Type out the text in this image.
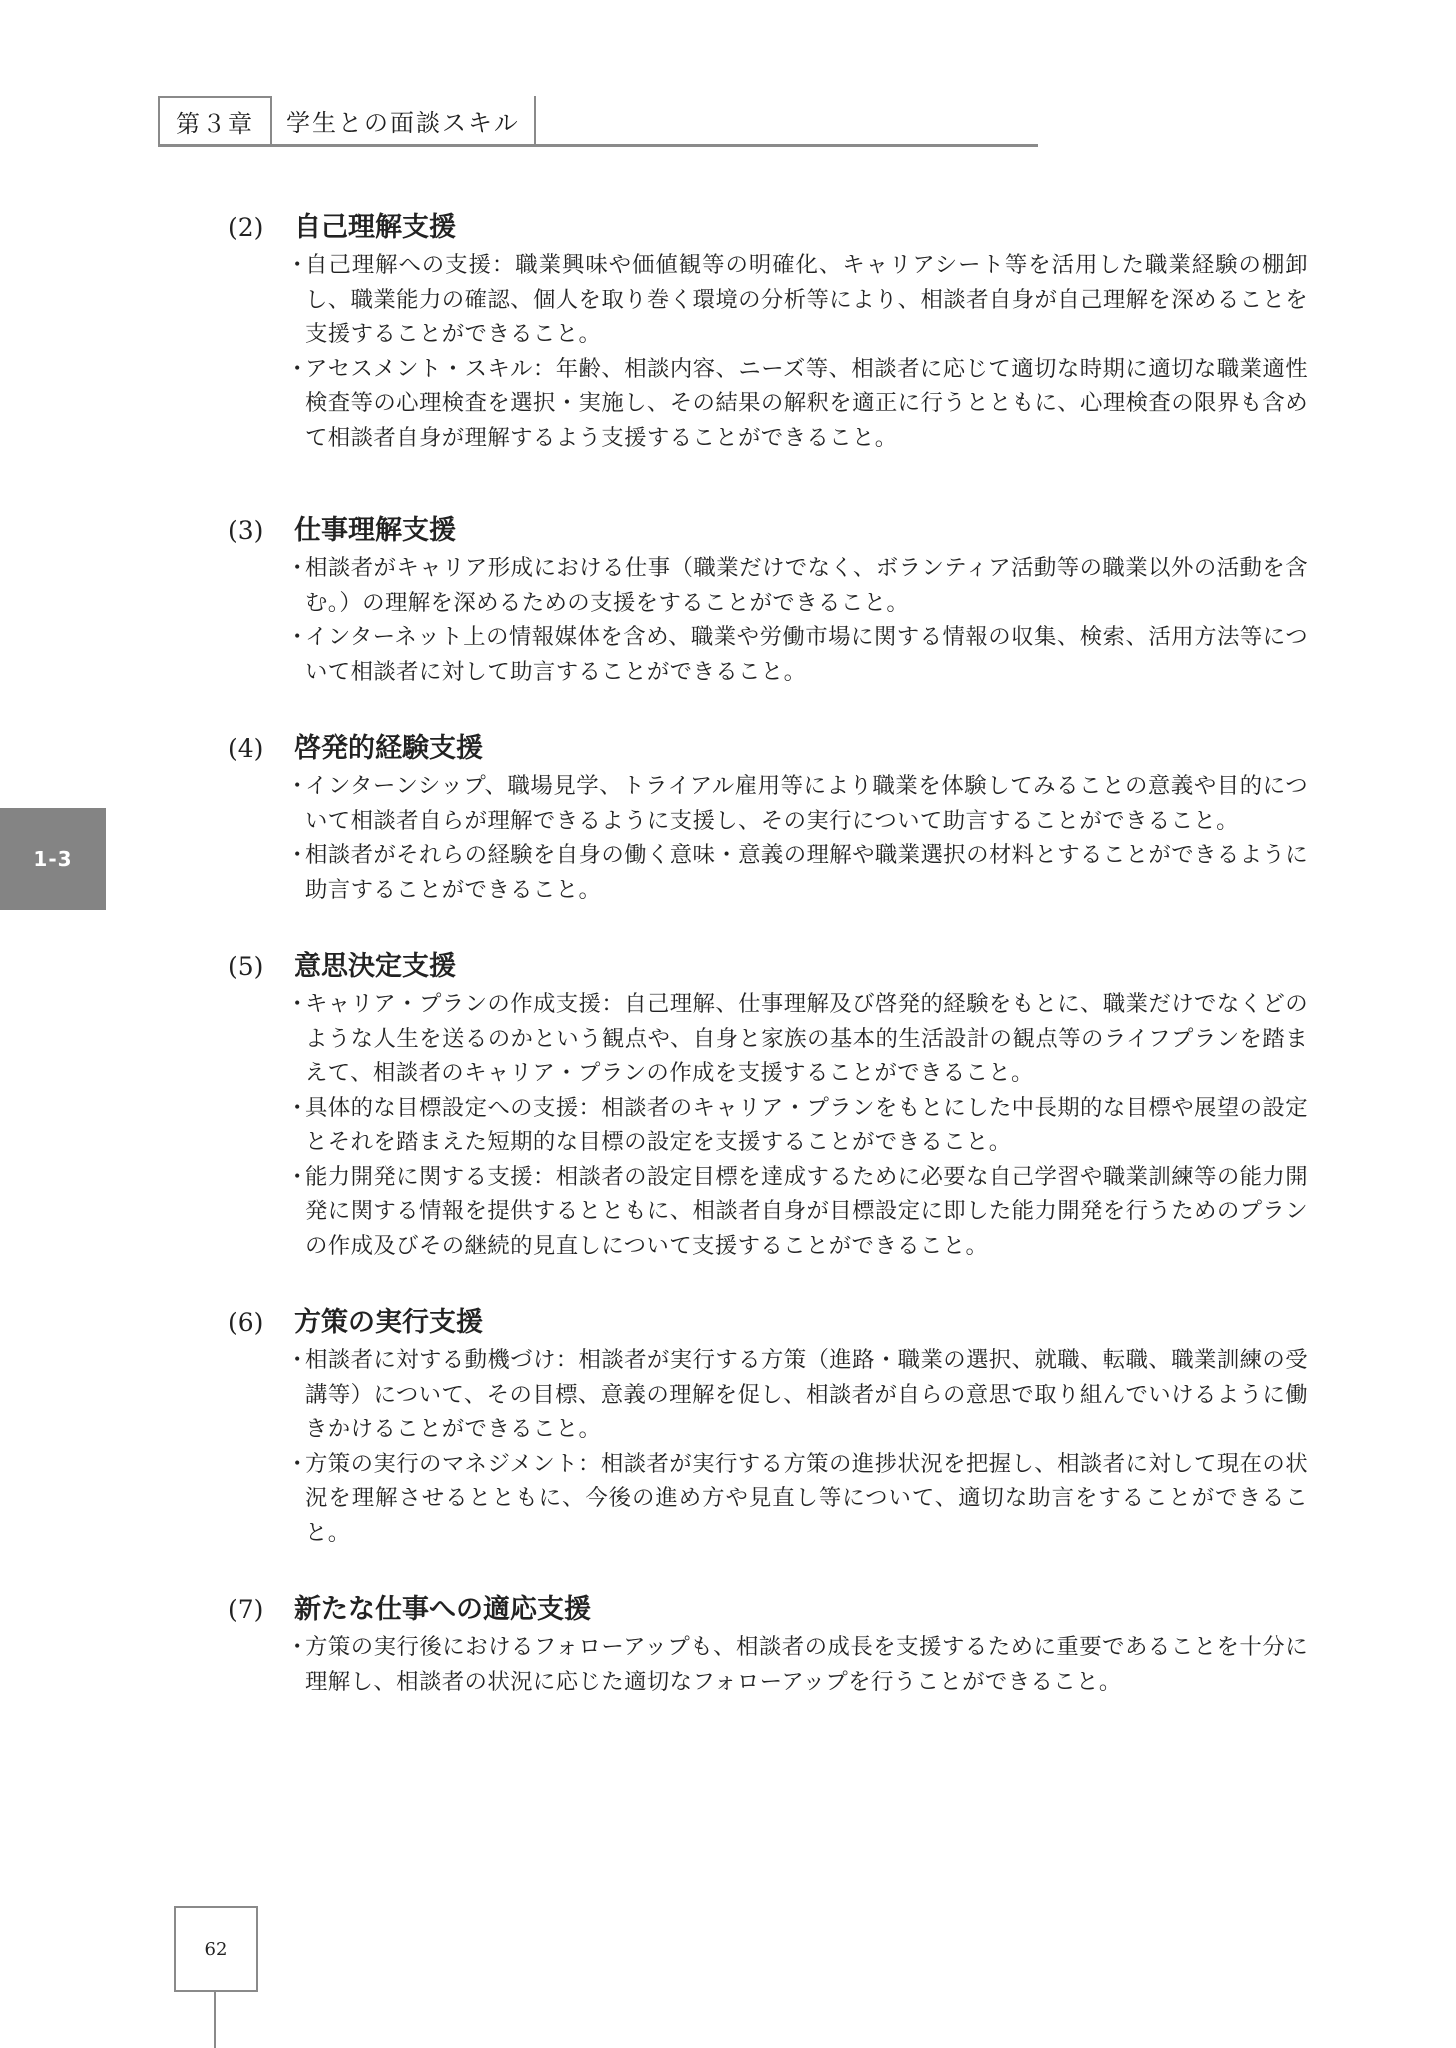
第３章	学生との面談スキル
1-3
(2)	自己理解支援
・
自己理解への支援：職業興味や価値観等の明確化、キャリアシート等を活用した職業経験の棚卸し、職業能力の確認、個人を取り巻く環境の分析等により、相談者自身が自己理解を深めることを支援することができること。
・
アセスメント・スキル：年齢、相談内容、ニーズ等、相談者に応じて適切な時期に適切な職業適性検査等の心理検査を選択・実施し、その結果の解釈を適正に行うとともに、心理検査の限界も含めて相談者自身が理解するよう支援することができること。
(3)	仕事理解支援
・
相談者がキャリア形成における仕事（職業だけでなく、ボランティア活動等の職業以外の活動を含む。）の理解を深めるための支援をすることができること。
・
インターネット上の情報媒体を含め、職業や労働市場に関する情報の収集、検索、活用方法等について相談者に対して助言することができること。
(4)	啓発的経験支援
・
インターンシップ、職場見学、トライアル雇用等により職業を体験してみることの意義や目的について相談者自らが理解できるように支援し、その実行について助言することができること。
・
相談者がそれらの経験を自身の働く意味・意義の理解や職業選択の材料とすることができるように助言することができること。
(5)	意思決定支援
・
キャリア・プランの作成支援：自己理解、仕事理解及び啓発的経験をもとに、職業だけでなくどのような人生を送るのかという観点や、自身と家族の基本的生活設計の観点等のライフプランを踏まえて、相談者のキャリア・プランの作成を支援することができること。
・
具体的な目標設定への支援：相談者のキャリア・プランをもとにした中長期的な目標や展望の設定とそれを踏まえた短期的な目標の設定を支援することができること。
・
能力開発に関する支援：相談者の設定目標を達成するために必要な自己学習や職業訓練等の能力開発に関する情報を提供するとともに、相談者自身が目標設定に即した能力開発を行うためのプランの作成及びその継続的見直しについて支援することができること。
(6)	方策の実行支援
・
相談者に対する動機づけ：相談者が実行する方策（進路・職業の選択、就職、転職、職業訓練の受講等）について、その目標、意義の理解を促し、相談者が自らの意思で取り組んでいけるように働きかけることができること。
・
方策の実行のマネジメント：相談者が実行する方策の進捗状況を把握し、相談者に対して現在の状況を理解させるとともに、今後の進め方や見直し等について、適切な助言をすることができること。
(7)	新たな仕事への適応支援
・
方策の実行後におけるフォローアップも、相談者の成長を支援するために重要であることを十分に理解し、相談者の状況に応じた適切なフォローアップを行うことができること。
62
